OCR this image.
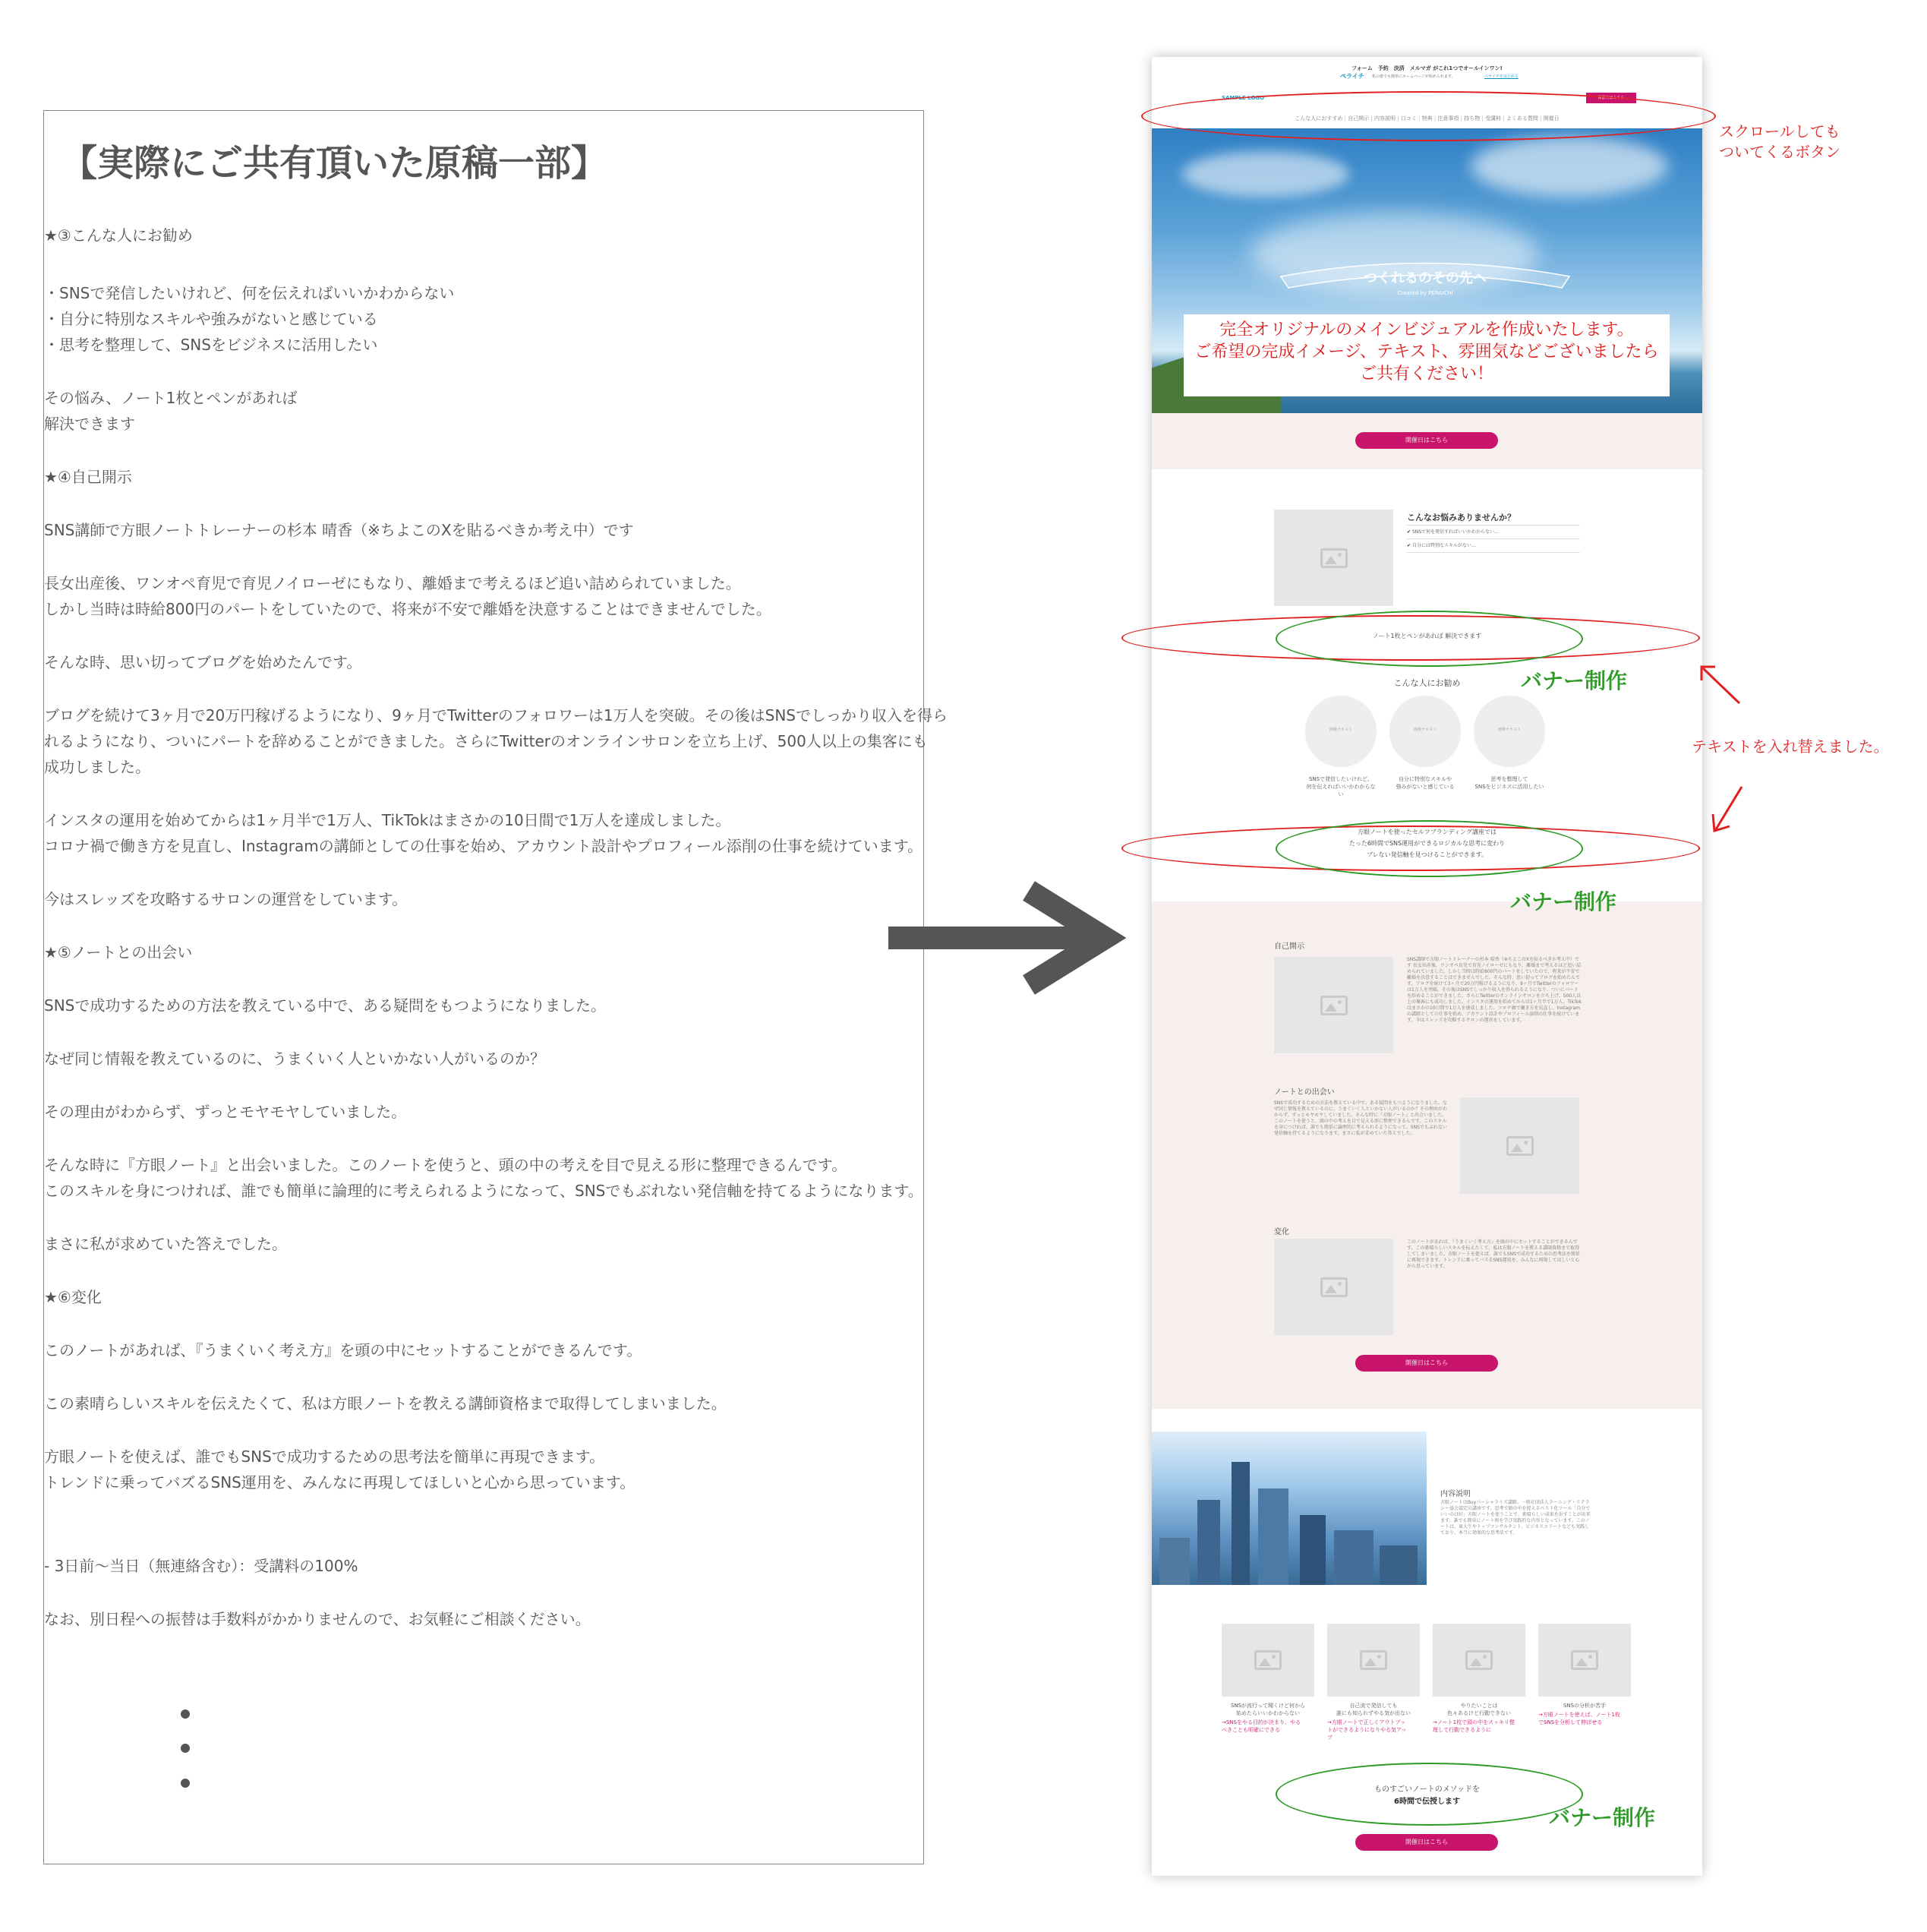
【実際にご共有頂いた原稿一部】
★③こんな人にお勧め
・SNSで発信したいけれど、何を伝えればいいかわからない
・自分に特別なスキルや強みがないと感じている
・思考を整理して、SNSをビジネスに活用したい
その悩み、ノート1枚とペンがあれば
解決できます
★④自己開示
SNS講師で方眼ノートトレーナーの杉本 晴香（※ちよこのXを貼るべきか考え中）です
長女出産後、ワンオペ育児で育児ノイローゼにもなり、離婚まで考えるほど追い詰められていました。
しかし当時は時給800円のパートをしていたので、将来が不安で離婚を決意することはできませんでした。
そんな時、思い切ってブログを始めたんです。
ブログを続けて3ヶ月で20万円稼げるようになり、9ヶ月でTwitterのフォロワーは1万人を突破。その後はSNSでしっかり収入を得ら
れるようになり、ついにパートを辞めることができました。さらにTwitterのオンラインサロンを立ち上げ、500人以上の集客にも
成功しました。
インスタの運用を始めてからは1ヶ月半で1万人、TikTokはまさかの10日間で1万人を達成しました。
コロナ禍で働き方を見直し、Instagramの講師としての仕事を始め、アカウント設計やプロフィール添削の仕事を続けています。
今はスレッズを攻略するサロンの運営をしています。
★⑤ノートとの出会い
SNSで成功するための方法を教えている中で、ある疑問をもつようになりました。
なぜ同じ情報を教えているのに、うまくいく人といかない人がいるのか？
その理由がわからず、ずっとモヤモヤしていました。
そんな時に『方眼ノート』と出会いました。このノートを使うと、頭の中の考えを目で見える形に整理できるんです。
このスキルを身につければ、誰でも簡単に論理的に考えられるようになって、SNSでもぶれない発信軸を持てるようになります。
まさに私が求めていた答えでした。
★⑥変化
このノートがあれば、『うまくいく考え方』を頭の中にセットすることができるんです。
この素晴らしいスキルを伝えたくて、私は方眼ノートを教える講師資格まで取得してしまいました。
方眼ノートを使えば、誰でもSNSで成功するための思考法を簡単に再現できます。
トレンドに乗ってバズるSNS運用を、みんなに再現してほしいと心から思っています。
- 3日前〜当日（無連絡含む）：受講料の100%
なお、別日程への振替は手数料がかかりませんので、お気軽にご相談ください。
フォーム　予約　決済　メルマガ がこれ1つでオールインワン!
ペライチ 私の誰でも簡単にホームページが始められます。	ペライチをはじめる
SAMPLE LOGO	開催日はこちら
こんな人におすすめ | 自己開示 | 内容説明 | 口コミ | 特典 | 注意事項 | 持ち物 | 受講料 | よくある質問 | 開催日
つくれるのその先へ
Created by PERAICHI
完全オリジナルのメインビジュアルを作成いたします。
ご希望の完成イメージ、テキスト、雰囲気などございましたら
ご共有ください！
開催日はこちら
こんなお悩みありませんか？
✔ SNSで何を発信すればいいかわからない…
✔ 自分には特別なスキルがない…
ノート1枚とペンがあれば 解決できます
こんな人にお勧め
画像テキスト
SNSで発信したいけれど、
何を伝えればいいかわからな
い
画像テキスト
自分に特別なスキルや
強みがないと感じている
画像テキスト
思考を整理して
SNSをビジネスに活用したい
方眼ノートを使ったセルフブランディング講座では
たった6時間でSNS運用ができるロジカルな思考に変わり
ブレない発信軸を見つけることができます。
自己開示
SNS講師で方眼ノートトレーナーの杉本 晴香（※ちよこのXを貼るべきか考え中）です 長女出産後、ワンオペ育児で育児ノイローゼにもなり、離婚まで考えるほど追い詰められていました。しかし当時は時給800円のパートをしていたので、将来が不安で離婚を決意することはできませんでした。そんな時、思い切ってブログを始めたんです。ブログを続けて3ヶ月で20万円稼げるようになり、9ヶ月でTwitterのフォロワーは1万人を突破。その後はSNSでしっかり収入を得られるようになり、ついにパートを辞めることができました。さらにTwitterのオンラインサロンを立ち上げ、500人以上の集客にも成功しました。インスタの運用を始めてからは1ヶ月半で1万人、TikTokはまさかの10日間で1万人を達成しました。コロナ禍で働き方を見直し、Instagramの講師としての仕事を始め、アカウント設計やプロフィール添削の仕事を続けています。今はスレッズを攻略するサロンの運営をしています。
ノートとの出会い
SNSで成功するための方法を教えている中で、ある疑問をもつようになりました。なぜ同じ情報を教えているのに、うまくいく人といかない人がいるのか？その理由がわからず、ずっとモヤモヤしていました。そんな時に『方眼ノート』と出会いました。このノートを使うと、頭の中の考えを目で見える形に整理できるんです。このスキルを身につければ、誰でも簡単に論理的に考えられるようになって、SNSでもぶれない発信軸を持てるようになります。まさに私が求めていた答えでした。
変化
このノートがあれば、『うまくいく考え方』を頭の中にセットすることができるんです。この素晴らしいスキルを伝えたくて、私は方眼ノートを教える講師資格まで取得してしまいました。方眼ノートを使えば、誰でもSNSで成功するための思考法を簡単に再現できます。トレンドに乗ってバズるSNS運用を、みんなに再現してほしいと心から思っています。
開催日はこちら
内容説明
方眼ノートはBuyパーシャライズ講師、一般社団法人ラーニング・リテラシー協会認定の講座です。思考で頭の中を捉えるベスト化ツール「自分でいいのは好」方眼ノートを使うことで、素晴らしい成果を出すことが出来ます。誰でも簡単にノート術を学び実践的な内容となっています。このノートは、東大生やトップコンサルタント、ビジネスエリートなども実践しており、本当に効果的な思考法です。
SNSが流行って聞くけど何から
始めたらいいかわからない
→SNSをやる目的が決まり、やる
べきことも明確にできる
自己流で発信しても
誰にも知られずやる気が出ない
→方眼ノートで正しくアウトプッ
トができるようになりやる気アッ
プ
やりたいことは
色々あるけど行動できない
→ノート1枚で頭の中をスッキリ整
理して行動できるように
SNSの分析が苦手
→方眼ノートを使えば、ノート1枚
でSNSを分析して伸ばせる
ものすごいノートのメソッドを
6時間で伝授します
開催日はこちら
スクロールしても
ついてくるボタン
バナー制作
テキストを入れ替えました。
バナー制作
バナー制作
